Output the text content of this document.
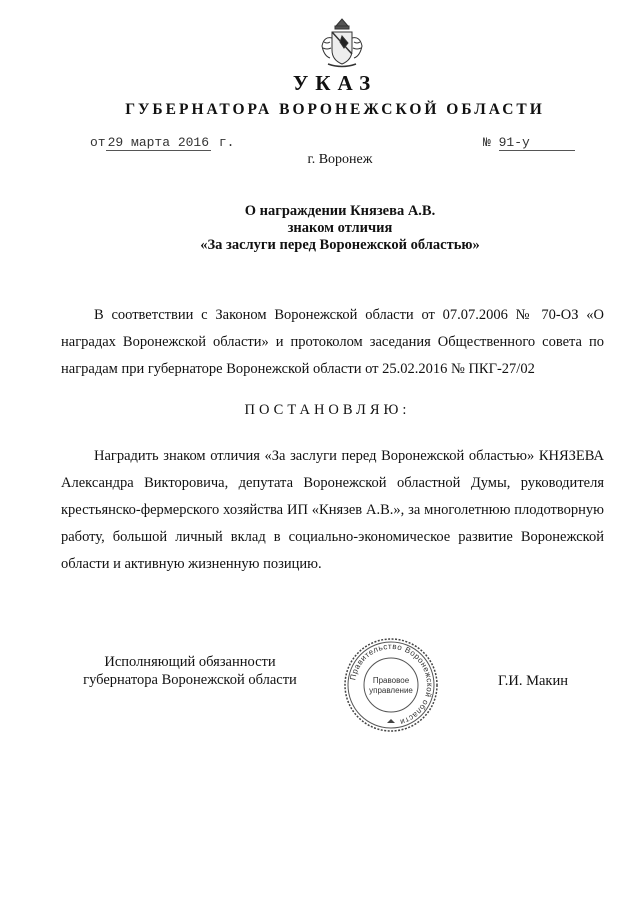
УКАЗ
ГУБЕРНАТОРА ВОРОНЕЖСКОЙ ОБЛАСТИ
от 29 марта 2016 г.	№ 91-у
г. Воронеж
О награждении Князева А.В.
знаком отличия
«За заслуги перед Воронежской областью»
В соответствии с Законом Воронежской области от 07.07.2006 № 70-ОЗ «О наградах Воронежской области» и протоколом заседания Общественного совета по наградам при губернаторе Воронежской области от 25.02.2016 № ПКГ-27/02
ПОСТАНОВЛЯЮ:
Наградить знаком отличия «За заслуги перед Воронежской областью» КНЯЗЕВА Александра Викторовича, депутата Воронежской областной Думы, руководителя крестьянско-фермерского хозяйства ИП «Князев А.В.», за многолетнюю плодотворную работу, большой личный вклад в социально-экономическое развитие Воронежской области и активную жизненную позицию.
Исполняющий обязанности
губернатора Воронежской области	Правительство Воронежской области
Правовое
управление
Г.И. Макин
